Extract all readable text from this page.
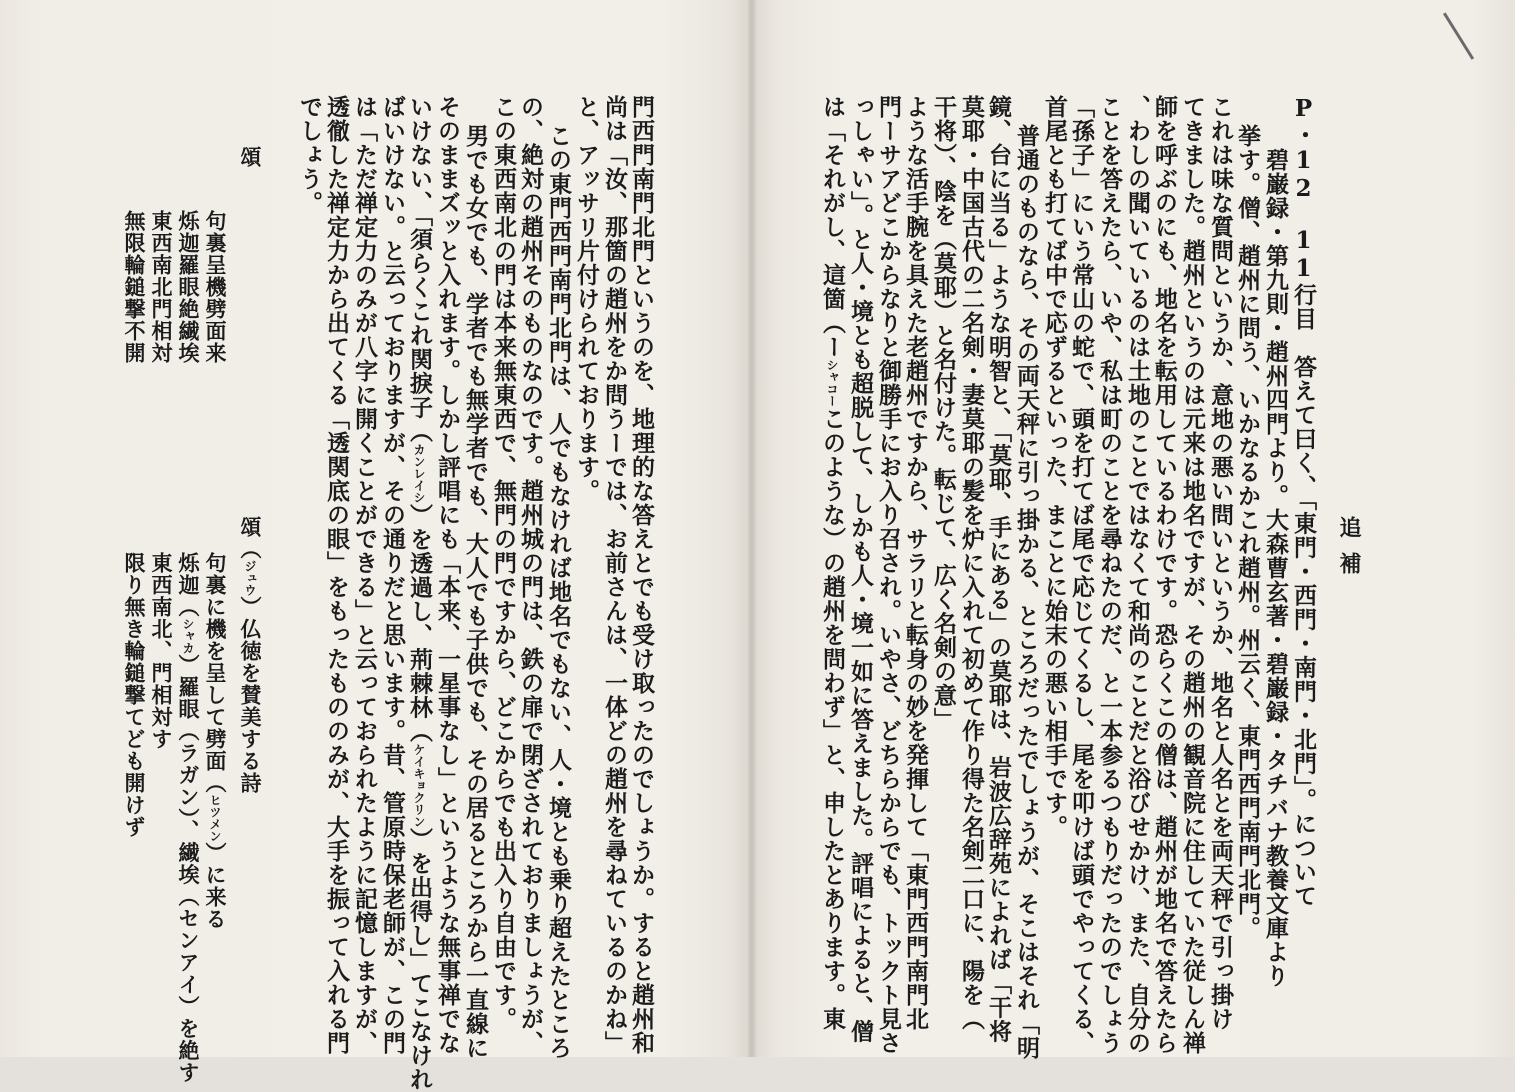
追補
P・12　11行目　答えて曰く、「東門・西門・南門・北門」。について
碧巌録・第九則・趙州四門より。大森曹玄著・碧巌録・タチバナ教養文庫より
挙す。僧、趙州に問う、いかなるかこれ趙州。州云く、東門西門南門北門。
これは味な質問というか、意地の悪い問いというか、地名と人名とを両天秤で引っ掛け
てきました。趙州というのは元来は地名ですが、その趙州の観音院に住していた従しん禅
師を呼ぶのにも、地名を転用しているわけです。恐らくこの僧は、趙州が地名で答えたら
、わしの聞いているのは土地のことではなくて和尚のことだと浴びせかけ、また、自分の
ことを答えたら、いや、私は町のことを尋ねたのだ、と一本参るつもりだったのでしょう
「孫子」にいう常山の蛇で、頭を打てば尾で応じてくるし、尾を叩けば頭でやってくる、
首尾とも打てば中で応ずるといった、まことに始末の悪い相手です。
普通のものなら、その両天秤に引っ掛かる、ところだったでしょうが、そこはそれ「明
鏡、台に当る」ような明智と、「莫耶、手にある」の莫耶は、岩波広辞苑によれば「干将
莫耶・中国古代の二名剣・妻莫耶の髪を炉に入れて初めて作り得た名剣二口に、陽を（
干将）、陰を（莫耶）と名付けた。転じて、広く名剣の意」
ような活手腕を具えた老趙州ですから、サラリと転身の妙を発揮して「東門西門南門北
門ーサアどこからなりと御勝手にお入り召され。いやさ、どちらからでも、トックト見さ
っしゃい」。と人・境とも超脱して、しかも人・境一如に答えました。評唱によると、僧
は「それがし、這箇（ーシャコーこのような）の趙州を問わず」と、申したとあります。東
門西門南門北門というのを、地理的な答えとでも受け取ったのでしょうか。すると趙州和
尚は「汝、那箇の趙州をか問うーでは、お前さんは、一体どの趙州を尋ねているのかね」
と、アッサリ片付けられております。
この東門西門南門北門は、人でもなければ地名でもない、人・境とも乗り超えたところ
の、絶対の趙州そのものなのです。趙州城の門は、鉄の扉で閉ざされておりましょうが、
この東西南北の門は本来無東西で、無門の門ですから、どこからでも出入り自由です。
男でも女でも、学者でも無学者でも、大人でも子供でも、その居るところから一直線に
そのままズッと入れます。しかし評唱にも「本来、一星事なし」というような無事禅でな
いけない、「須らくこれ関捩子（カンレイシ）を透過し、荊棘林（ケイキョクリン）を出得し」てこなけれ
ばいけない。と云っておりますが、その通りだと思います。昔、管原時保老師が、この門
は「ただ禅定力のみが八字に開くことができる」と云っておられたように記憶しますが、
透徹した禅定力から出てくる「透関底の眼」をもったもののみが、大手を振って入れる門
でしょう。
頌
句裏呈機劈面来
烁迦羅眼絶繊埃
東西南北門相対
無限輪鎚撃不開
頌（ジュウ）仏徳を賛美する詩
句裏に機を呈して劈面（ヒツメン）に来る
烁迦（シャカ）羅眼（ラガン）、繊埃（センアイ）を絶す
東西南北、門相対す
限り無き輪鎚撃てども開けず
